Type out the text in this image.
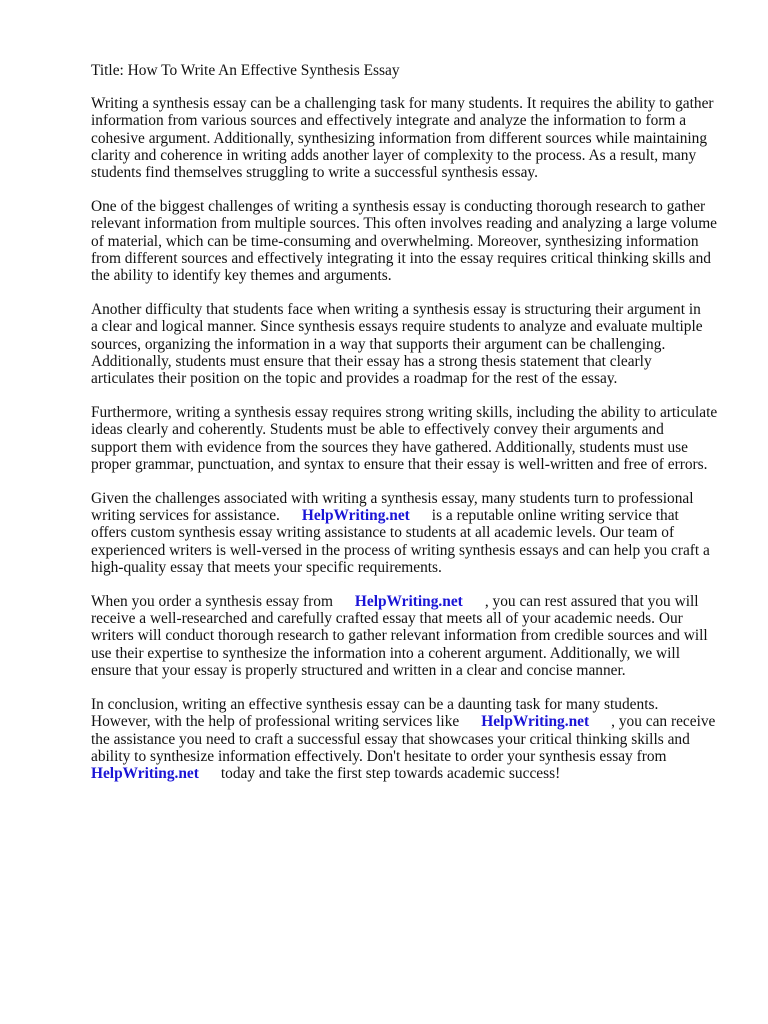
Title: How To Write An Effective Synthesis Essay
Writing a synthesis essay can be a challenging task for many students. It requires the ability to gather
information from various sources and effectively integrate and analyze the information to form a
cohesive argument. Additionally, synthesizing information from different sources while maintaining
clarity and coherence in writing adds another layer of complexity to the process. As a result, many
students find themselves struggling to write a successful synthesis essay.
One of the biggest challenges of writing a synthesis essay is conducting thorough research to gather
relevant information from multiple sources. This often involves reading and analyzing a large volume
of material, which can be time-consuming and overwhelming. Moreover, synthesizing information
from different sources and effectively integrating it into the essay requires critical thinking skills and
the ability to identify key themes and arguments.
Another difficulty that students face when writing a synthesis essay is structuring their argument in
a clear and logical manner. Since synthesis essays require students to analyze and evaluate multiple
sources, organizing the information in a way that supports their argument can be challenging.
Additionally, students must ensure that their essay has a strong thesis statement that clearly
articulates their position on the topic and provides a roadmap for the rest of the essay.
Furthermore, writing a synthesis essay requires strong writing skills, including the ability to articulate
ideas clearly and coherently. Students must be able to effectively convey their arguments and
support them with evidence from the sources they have gathered. Additionally, students must use
proper grammar, punctuation, and syntax to ensure that their essay is well-written and free of errors.
Given the challenges associated with writing a synthesis essay, many students turn to professional
writing services for assistance. HelpWriting.net is a reputable online writing service that
offers custom synthesis essay writing assistance to students at all academic levels. Our team of
experienced writers is well-versed in the process of writing synthesis essays and can help you craft a
high-quality essay that meets your specific requirements.
When you order a synthesis essay from HelpWriting.net , you can rest assured that you will
receive a well-researched and carefully crafted essay that meets all of your academic needs. Our
writers will conduct thorough research to gather relevant information from credible sources and will
use their expertise to synthesize the information into a coherent argument. Additionally, we will
ensure that your essay is properly structured and written in a clear and concise manner.
In conclusion, writing an effective synthesis essay can be a daunting task for many students.
However, with the help of professional writing services like HelpWriting.net , you can receive
the assistance you need to craft a successful essay that showcases your critical thinking skills and
ability to synthesize information effectively. Don't hesitate to order your synthesis essay from
HelpWriting.net today and take the first step towards academic success!
